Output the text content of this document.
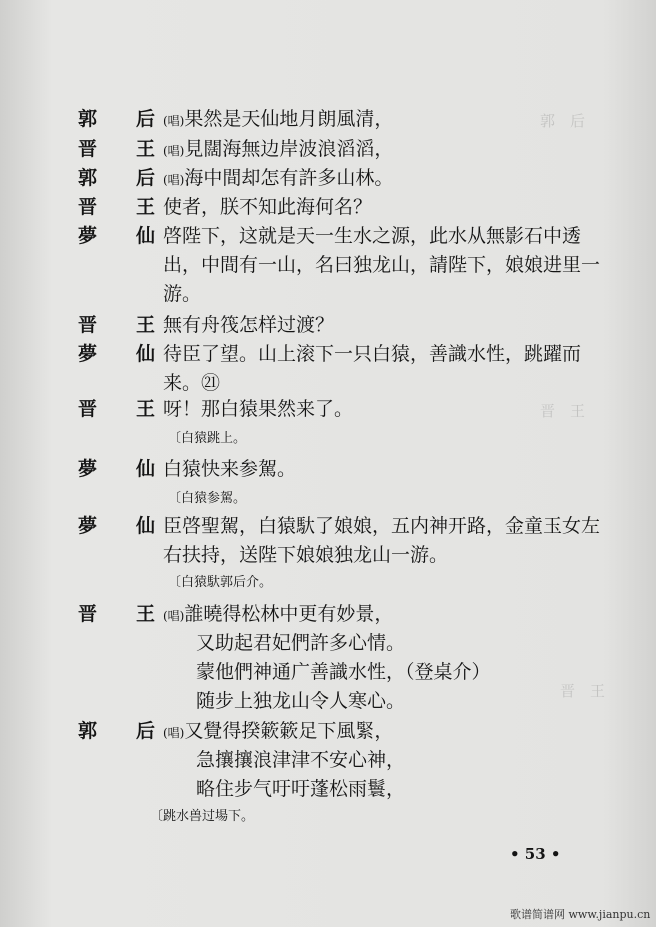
郭　后
晋　王
晋　王
郭　后
(唱)果然是天仙地月朗風清，
晋　王
(唱)見闊海無边岸波浪滔滔，
郭　后
(唱)海中間却怎有許多山林。
晋　王
使者，朕不知此海何名？
夢　仙
啓陛下，这就是天一生水之源，此水从無影石中透
出，中間有一山，名曰独龙山，請陛下，娘娘进里一
游。
晋　王
無有舟筏怎样过渡？
夢　仙
待臣了望。山上滚下一只白猿，善識水性，跳躍而
来。㉑
晋　王
呀！那白猿果然来了。
〔白猿跳上。
夢　仙
白猿快来参駕。
〔白猿参駕。
夢　仙
臣啓聖駕，白猿馱了娘娘，五内神开路，金童玉女左
右扶持，送陛下娘娘独龙山一游。
〔白猿馱郭后介。
晋　王
(唱)誰曉得松林中更有妙景，
又助起君妃們許多心情。
蒙他們神通广善識水性，（登桌介）
随步上独龙山令人寒心。
郭　后
(唱)又覺得揆簌簌足下風緊，
急攘攘浪津津不安心神，
略住步气吁吁蓬松雨鬟，
〔跳水兽过場下。
• 53 •
歌谱简谱网 www.jianpu.cn
